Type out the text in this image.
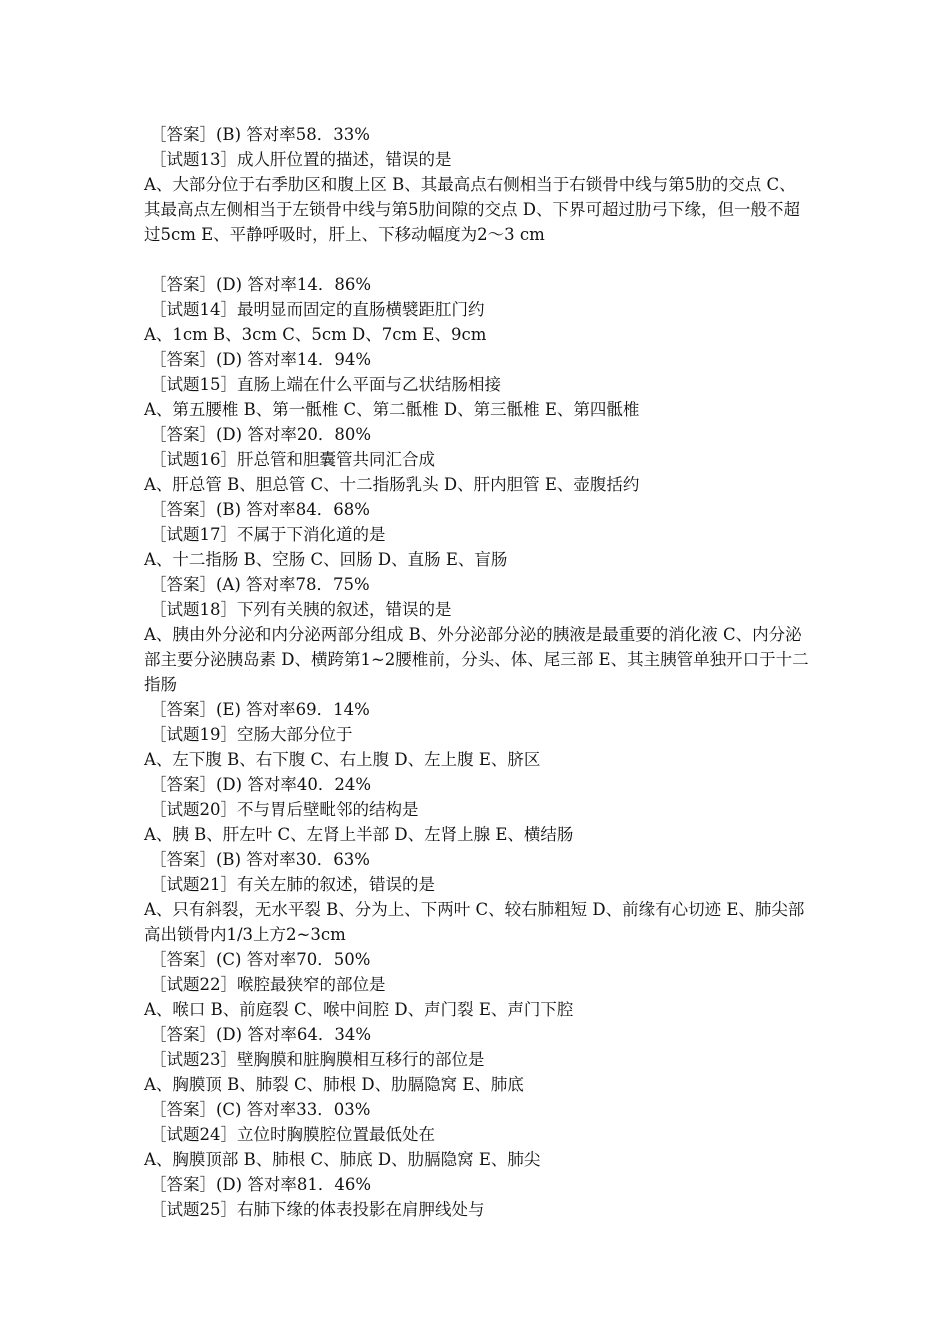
［答案］(B) 答对率58．33%
［试题13］成人肝位置的描述，错误的是
A、大部分位于右季肋区和腹上区 B、其最高点右侧相当于右锁骨中线与第5肋的交点 C、其最高点左侧相当于左锁骨中线与第5肋间隙的交点 D、下界可超过肋弓下缘，但一般不超过5cm E、平静呼吸时，肝上、下移动幅度为2～3 cm
［答案］(D) 答对率14．86%
［试题14］最明显而固定的直肠横襞距肛门约
A、1cm B、3cm C、5cm D、7cm E、9cm
［答案］(D) 答对率14．94%
［试题15］直肠上端在什么平面与乙状结肠相接
A、第五腰椎 B、第一骶椎 C、第二骶椎 D、第三骶椎 E、第四骶椎
［答案］(D) 答对率20．80%
［试题16］肝总管和胆囊管共同汇合成
A、肝总管 B、胆总管 C、十二指肠乳头 D、肝内胆管 E、壶腹括约
［答案］(B) 答对率84．68%
［试题17］不属于下消化道的是
A、十二指肠 B、空肠 C、回肠 D、直肠 E、盲肠
［答案］(A) 答对率78．75%
［试题18］下列有关胰的叙述，错误的是
A、胰由外分泌和内分泌两部分组成 B、外分泌部分泌的胰液是最重要的消化液 C、内分泌部主要分泌胰岛素 D、横跨第1~2腰椎前，分头、体、尾三部 E、其主胰管单独开口于十二指肠
［答案］(E) 答对率69．14%
［试题19］空肠大部分位于
A、左下腹 B、右下腹 C、右上腹 D、左上腹 E、脐区
［答案］(D) 答对率40．24%
［试题20］不与胃后壁毗邻的结构是
A、胰 B、肝左叶 C、左肾上半部 D、左肾上腺 E、横结肠
［答案］(B) 答对率30．63%
［试题21］有关左肺的叙述，错误的是
A、只有斜裂，无水平裂 B、分为上、下两叶 C、较右肺粗短 D、前缘有心切迹 E、肺尖部高出锁骨内1/3上方2~3cm
［答案］(C) 答对率70．50%
［试题22］喉腔最狭窄的部位是
A、喉口 B、前庭裂 C、喉中间腔 D、声门裂 E、声门下腔
［答案］(D) 答对率64．34%
［试题23］壁胸膜和脏胸膜相互移行的部位是
A、胸膜顶 B、肺裂 C、肺根 D、肋膈隐窝 E、肺底
［答案］(C) 答对率33．03%
［试题24］立位时胸膜腔位置最低处在
A、胸膜顶部 B、肺根 C、肺底 D、肋膈隐窝 E、肺尖
［答案］(D) 答对率81．46%
［试题25］右肺下缘的体表投影在肩胛线处与
